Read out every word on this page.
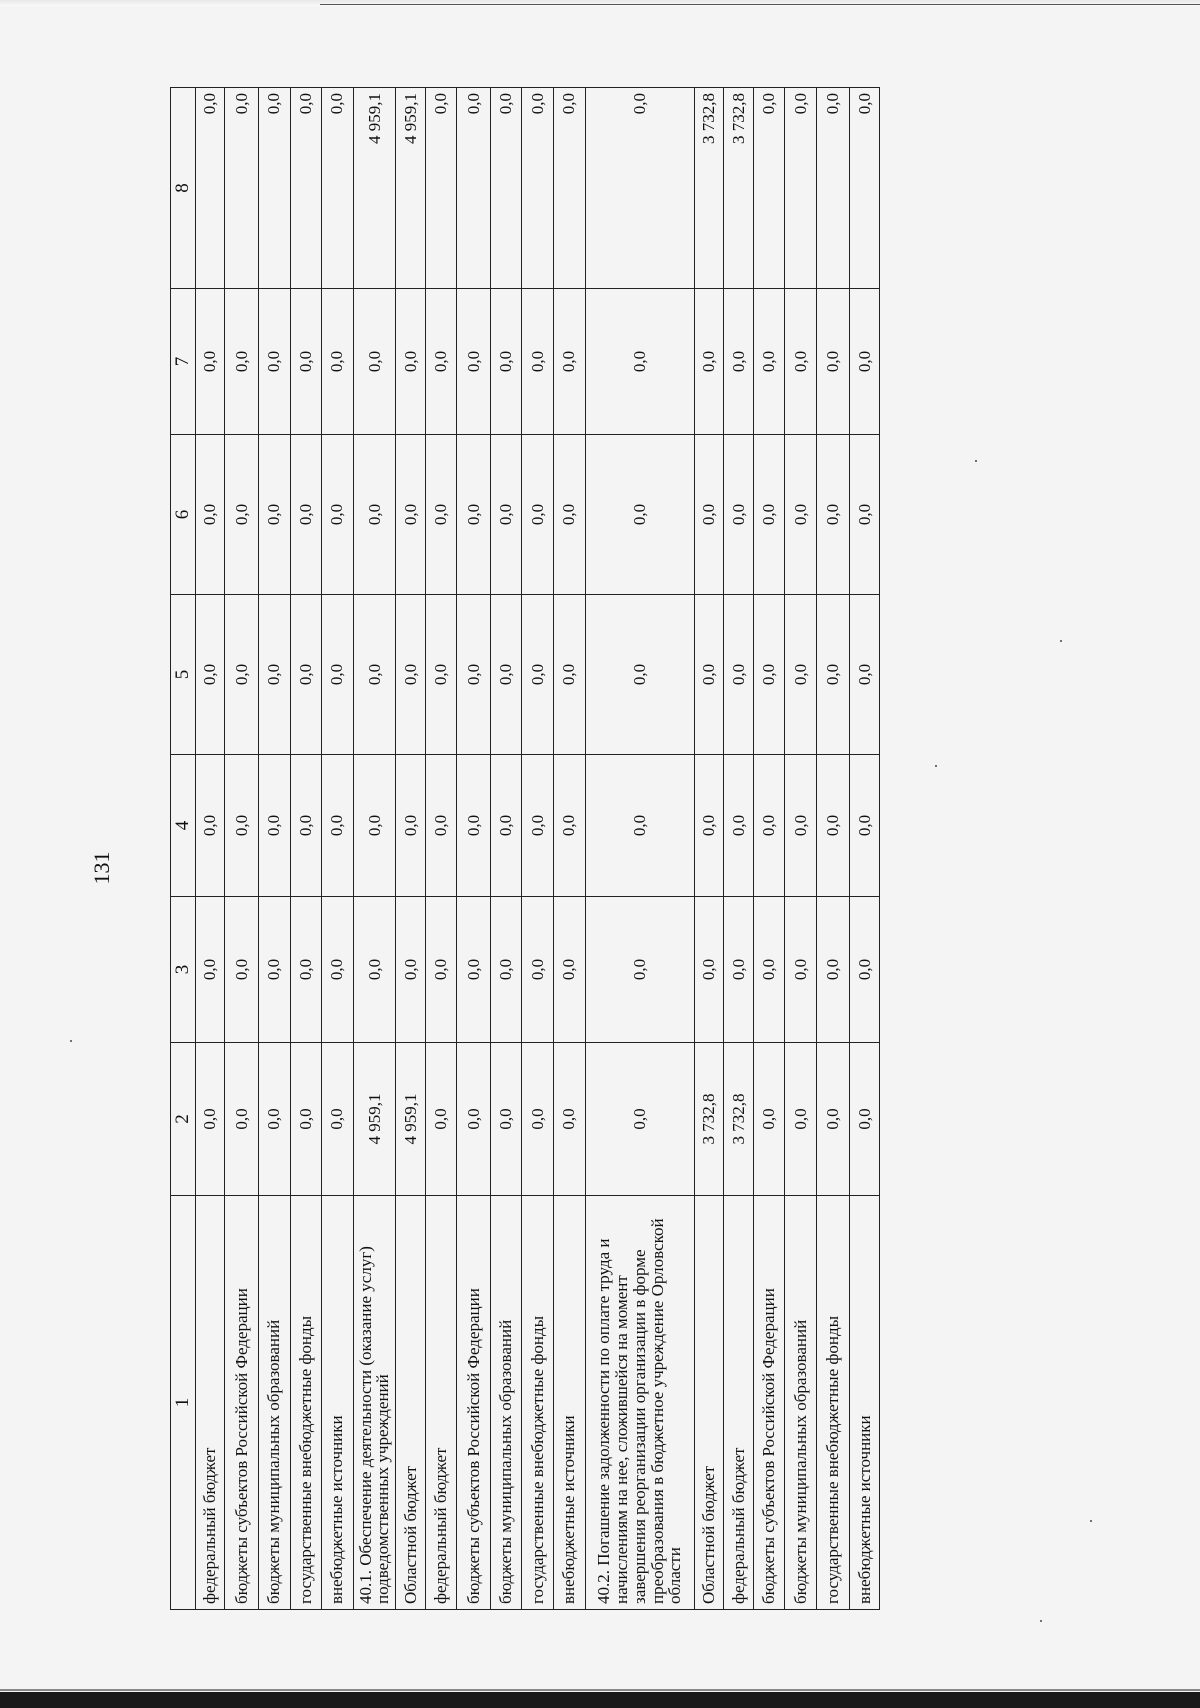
131
1	2	3	4	5	6	7	8
федеральный бюджет	0,0	0,0	0,0	0,0	0,0	0,0	0,0
бюджеты субъектов Российской Федерации	0,0	0,0	0,0	0,0	0,0	0,0	0,0
бюджеты муниципальных образований	0,0	0,0	0,0	0,0	0,0	0,0	0,0
государственные внебюджетные фонды	0,0	0,0	0,0	0,0	0,0	0,0	0,0
внебюджетные источники	0,0	0,0	0,0	0,0	0,0	0,0	0,0
40.1. Обеспечение деятельности (оказание услуг) подведомственных учреждений	4 959,1	0,0	0,0	0,0	0,0	0,0	4 959,1
Областной бюджет	4 959,1	0,0	0,0	0,0	0,0	0,0	4 959,1
федеральный бюджет	0,0	0,0	0,0	0,0	0,0	0,0	0,0
бюджеты субъектов Российской Федерации	0,0	0,0	0,0	0,0	0,0	0,0	0,0
бюджеты муниципальных образований	0,0	0,0	0,0	0,0	0,0	0,0	0,0
государственные внебюджетные фонды	0,0	0,0	0,0	0,0	0,0	0,0	0,0
внебюджетные источники	0,0	0,0	0,0	0,0	0,0	0,0	0,0
40.2. Погашение задолженности по оплате труда и начислениям на нее, сложившейся на момент завершения реорганизации организации в форме преобразования в бюджетное учреждение Орловской области	0,0	0,0	0,0	0,0	0,0	0,0	0,0
Областной бюджет	3 732,8	0,0	0,0	0,0	0,0	0,0	3 732,8
федеральный бюджет	3 732,8	0,0	0,0	0,0	0,0	0,0	3 732,8
бюджеты субъектов Российской Федерации	0,0	0,0	0,0	0,0	0,0	0,0	0,0
бюджеты муниципальных образований	0,0	0,0	0,0	0,0	0,0	0,0	0,0
государственные внебюджетные фонды	0,0	0,0	0,0	0,0	0,0	0,0	0,0
внебюджетные источники	0,0	0,0	0,0	0,0	0,0	0,0	0,0
